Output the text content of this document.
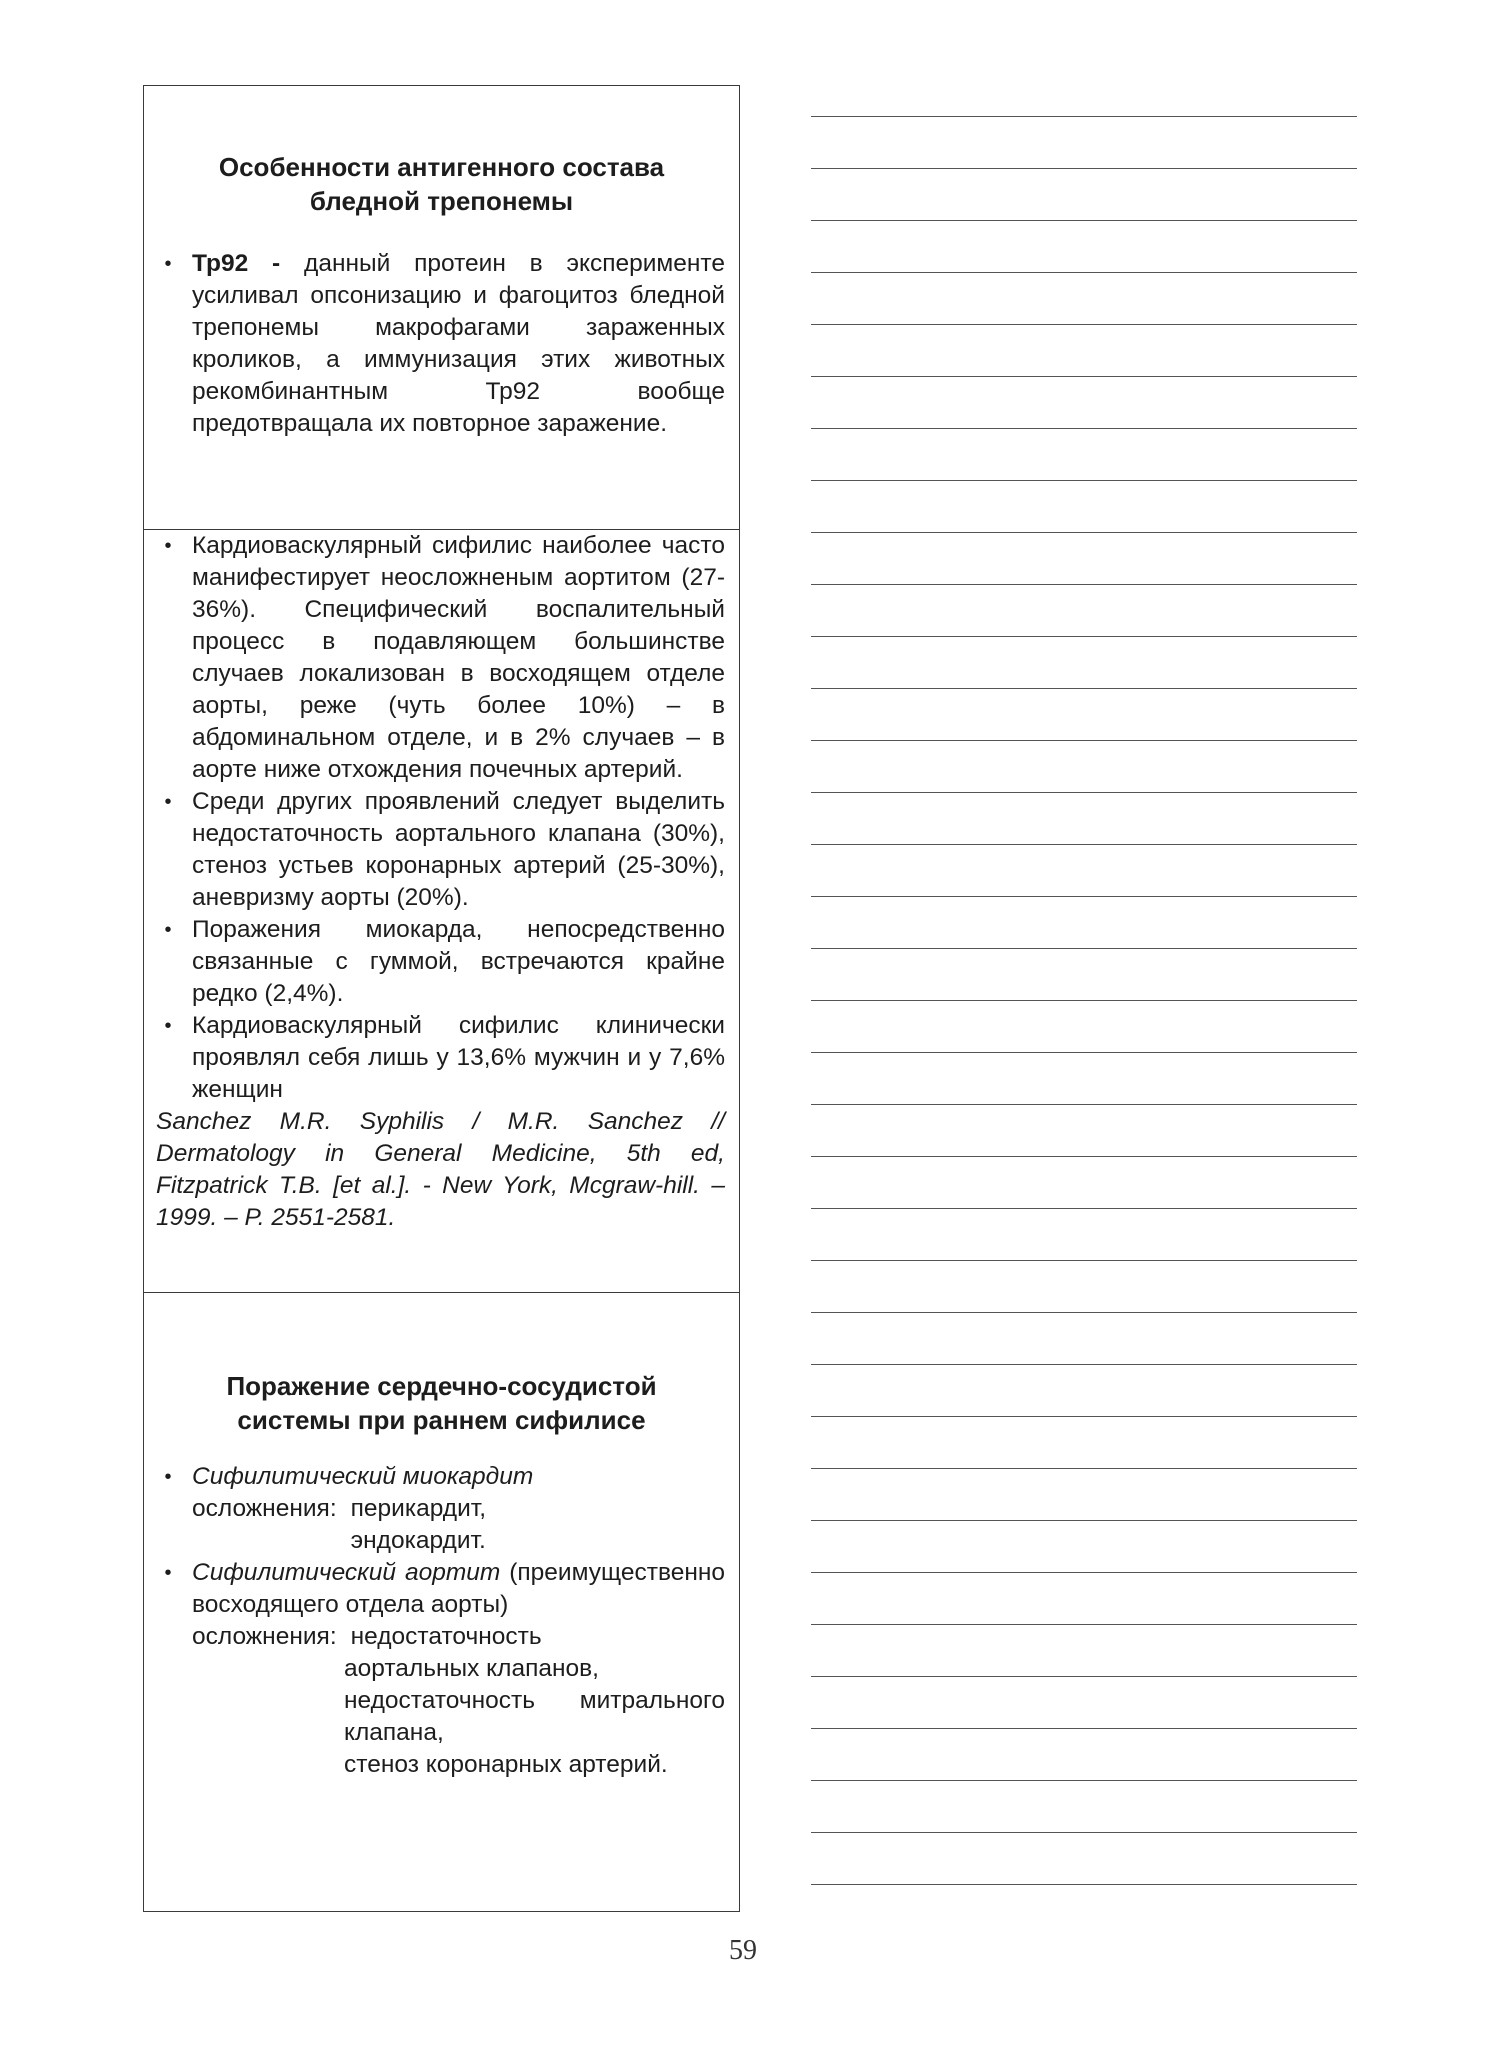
Особенности антигенного состава
бледной трепонемы
• Тр92 - данный протеин в эксперименте усиливал опсонизацию и фагоцитоз бледной трепонемы макрофагами зараженных кроликов, а иммунизация этих животных рекомбинантным Тр92 вообще предотвращала их повторное заражение.
• Кардиоваскулярный сифилис наиболее часто манифестирует неосложненым аортитом (27-36%). Специфический воспалительный процесс в подавляющем большинстве случаев локализован в восходящем отделе аорты, реже (чуть более 10%) – в абдоминальном отделе, и в 2% случаев – в аорте ниже отхождения почечных артерий.
• Среди других проявлений следует выделить недостаточность аортального клапана (30%), стеноз устьев коронарных артерий (25-30%), аневризму аорты (20%).
• Поражения миокарда, непосредственно связанные с гуммой, встречаются крайне редко (2,4%).
• Кардиоваскулярный сифилис клинически проявлял себя лишь у 13,6% мужчин и у 7,6% женщин
Sanchez M.R. Syphilis / M.R. Sanchez // Dermatology in General Medicine, 5th ed, Fitzpatrick T.B. [et al.]. - New York, Mcgraw-hill. – 1999. – P. 2551-2581.
Поражение сердечно-сосудистой
системы при раннем сифилисе
• Сифилитический миокардит
осложнения: перикардит,
эндокардит.
• Сифилитический аортит (преимущественно восходящего отдела аорты)
осложнения: недостаточность
аортальных клапанов,
недостаточность митрального клапана,
стеноз коронарных артерий.
59
